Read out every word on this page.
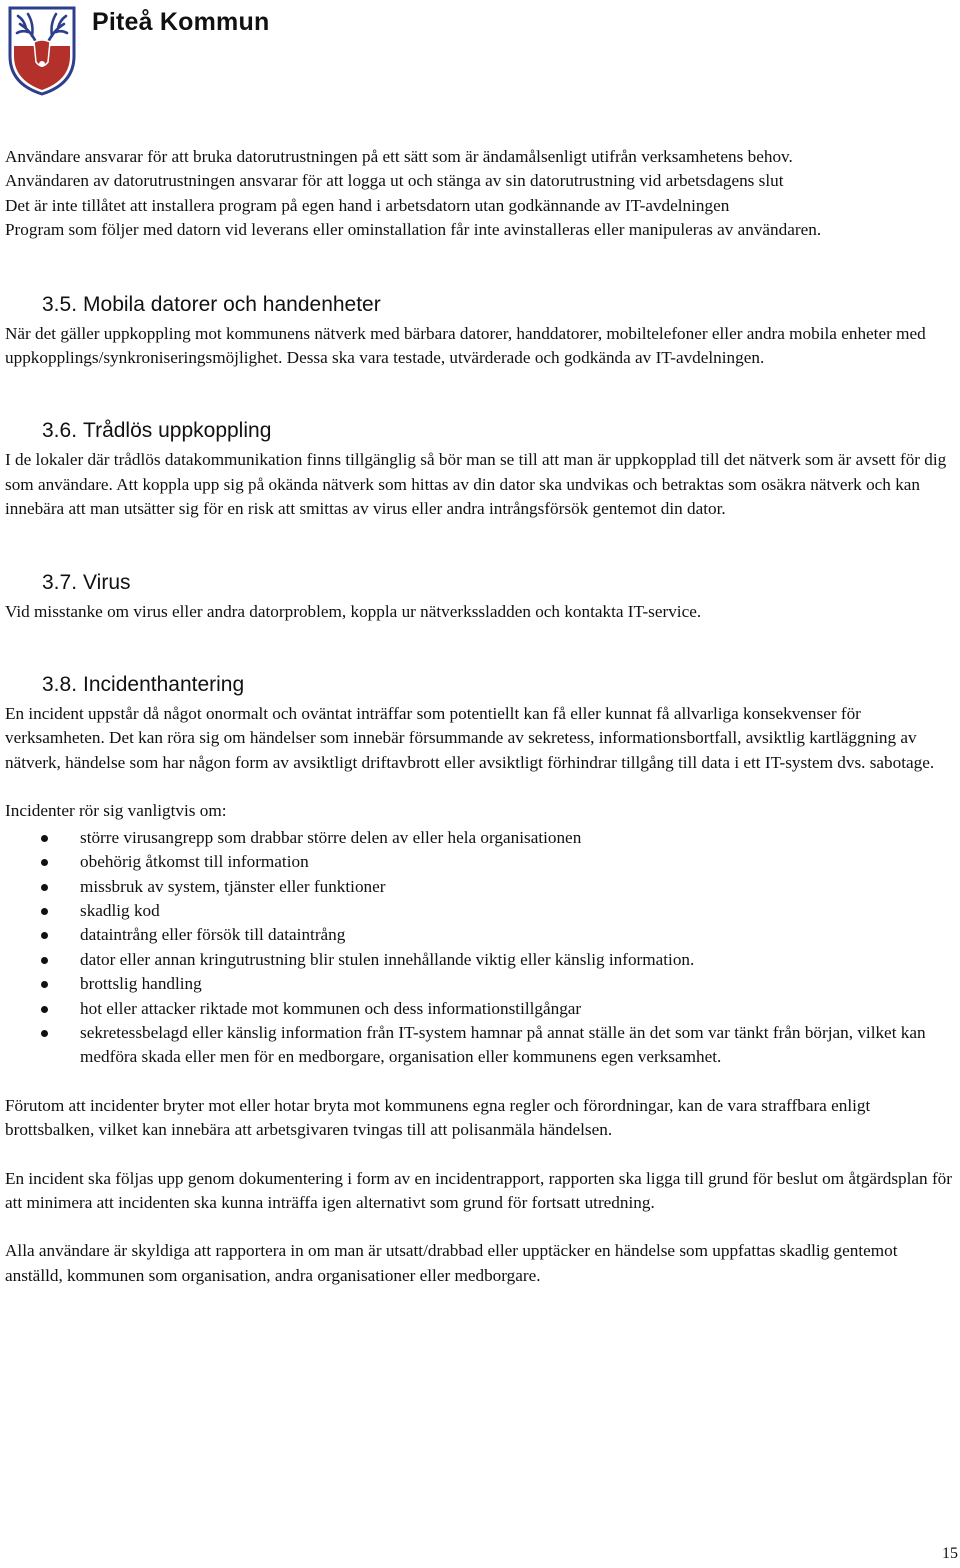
Piteå Kommun

Användare ansvarar för att bruka datorutrustningen på ett sätt som är ändamålsenligt utifrån verksamhetens behov.

Användaren av datorutrustningen ansvarar för att logga ut och stänga av sin datorutrustning vid arbetsdagens slut

Det är inte tillåtet att installera program på egen hand i arbetsdatorn utan godkännande av IT-avdelningen

Program som följer med datorn vid leverans eller ominstallation får inte avinstalleras eller manipuleras av användaren.

3.5. Mobila datorer och handenheter

När det gäller uppkoppling mot kommunens nätverk med bärbara datorer, handdatorer, mobiltelefoner eller andra mobila enheter med uppkopplings/synkroniseringsmöjlighet. Dessa ska vara testade, utvärderade och godkända av IT-avdelningen.

3.6. Trådlös uppkoppling

I de lokaler där trådlös datakommunikation finns tillgänglig så bör man se till att man är uppkopplad till det nätverk som är avsett för dig som användare. Att koppla upp sig på okända nätverk som hittas av din dator ska undvikas och betraktas som osäkra nätverk och kan innebära att man utsätter sig för en risk att smittas av virus eller andra intrångsförsök gentemot din dator.

3.7. Virus

Vid misstanke om virus eller andra datorproblem, koppla ur nätverkssladden och kontakta IT-service.

3.8. Incidenthantering

En incident uppstår då något onormalt och oväntat inträffar som potentiellt kan få eller kunnat få allvarliga konsekvenser för verksamheten. Det kan röra sig om händelser som innebär försummande av sekretess, informationsbortfall, avsiktlig kartläggning av nätverk, händelse som har någon form av avsiktligt driftavbrott eller avsiktligt förhindrar tillgång till data i ett IT-system dvs. sabotage.

Incidenter rör sig vanligtvis om:

större virusangrepp som drabbar större delen av eller hela organisationen
obehörig åtkomst till information
missbruk av system, tjänster eller funktioner
skadlig kod
dataintrång eller försök till dataintrång
dator eller annan kringutrustning blir stulen innehållande viktig eller känslig information.
brottslig handling
hot eller attacker riktade mot kommunen och dess informationstillgångar
sekretessbelagd eller känslig information från IT-system hamnar på annat ställe än det som var tänkt från början, vilket kan medföra skada eller men för en medborgare, organisation eller kommunens egen verksamhet.

Förutom att incidenter bryter mot eller hotar bryta mot kommunens egna regler och förordningar, kan de vara straffbara enligt brottsbalken, vilket kan innebära att arbetsgivaren tvingas till att polisanmäla händelsen.

En incident ska följas upp genom dokumentering i form av en incidentrapport, rapporten ska ligga till grund för beslut om åtgärdsplan för att minimera att incidenten ska kunna inträffa igen alternativt som grund för fortsatt utredning.

Alla användare är skyldiga att rapportera in om man är utsatt/drabbad eller upptäcker en händelse som uppfattas skadlig gentemot anställd, kommunen som organisation, andra organisationer eller medborgare.

15
